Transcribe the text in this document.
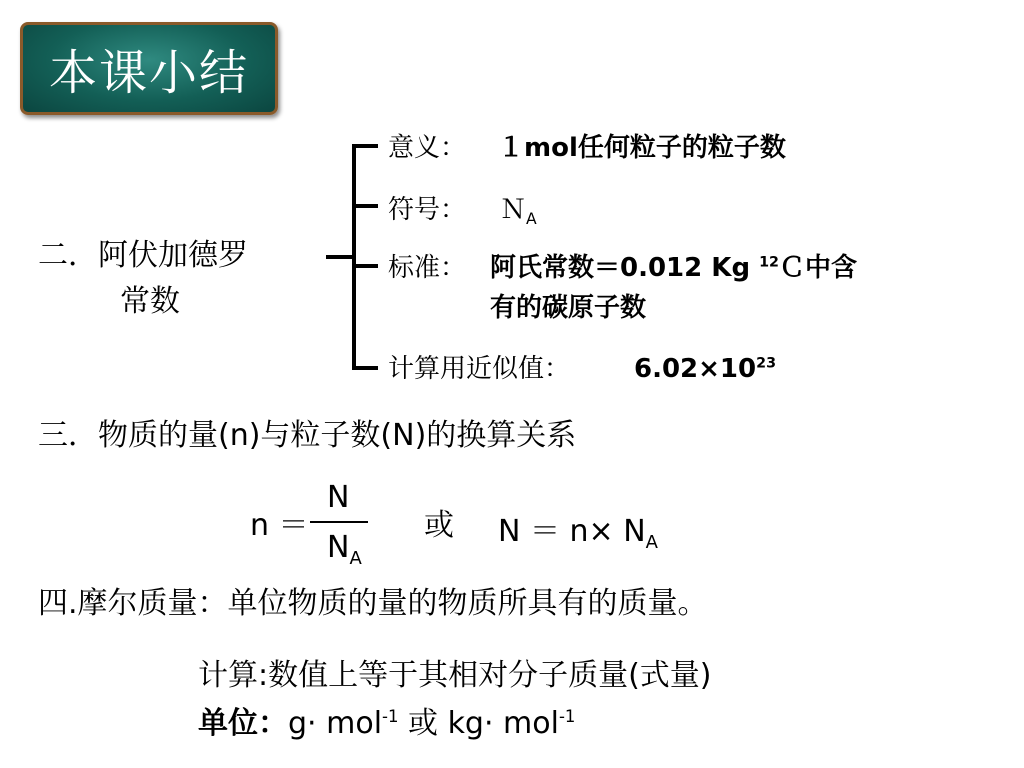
本课小结
二．阿伏加德罗
常数
意义： １mol任何粒子的粒子数
符号： Ｎ$_A$
标准： 阿氏常数＝0.012 Kg $^{12}$Ｃ中含
有的碳原子数
计算用近似值： $6.02\times 10^{23}$
三．物质的量(n)与粒子数(N)的换算关系
n ＝
N
$N_A$
或 $N = n\times N_A$
四.摩尔质量：单位物质的量的物质所具有的质量。
计算:数值上等于其相对分子质量(式量)
单位：g· mol$^{-1}$ 或 kg· mol$^{-1}$
